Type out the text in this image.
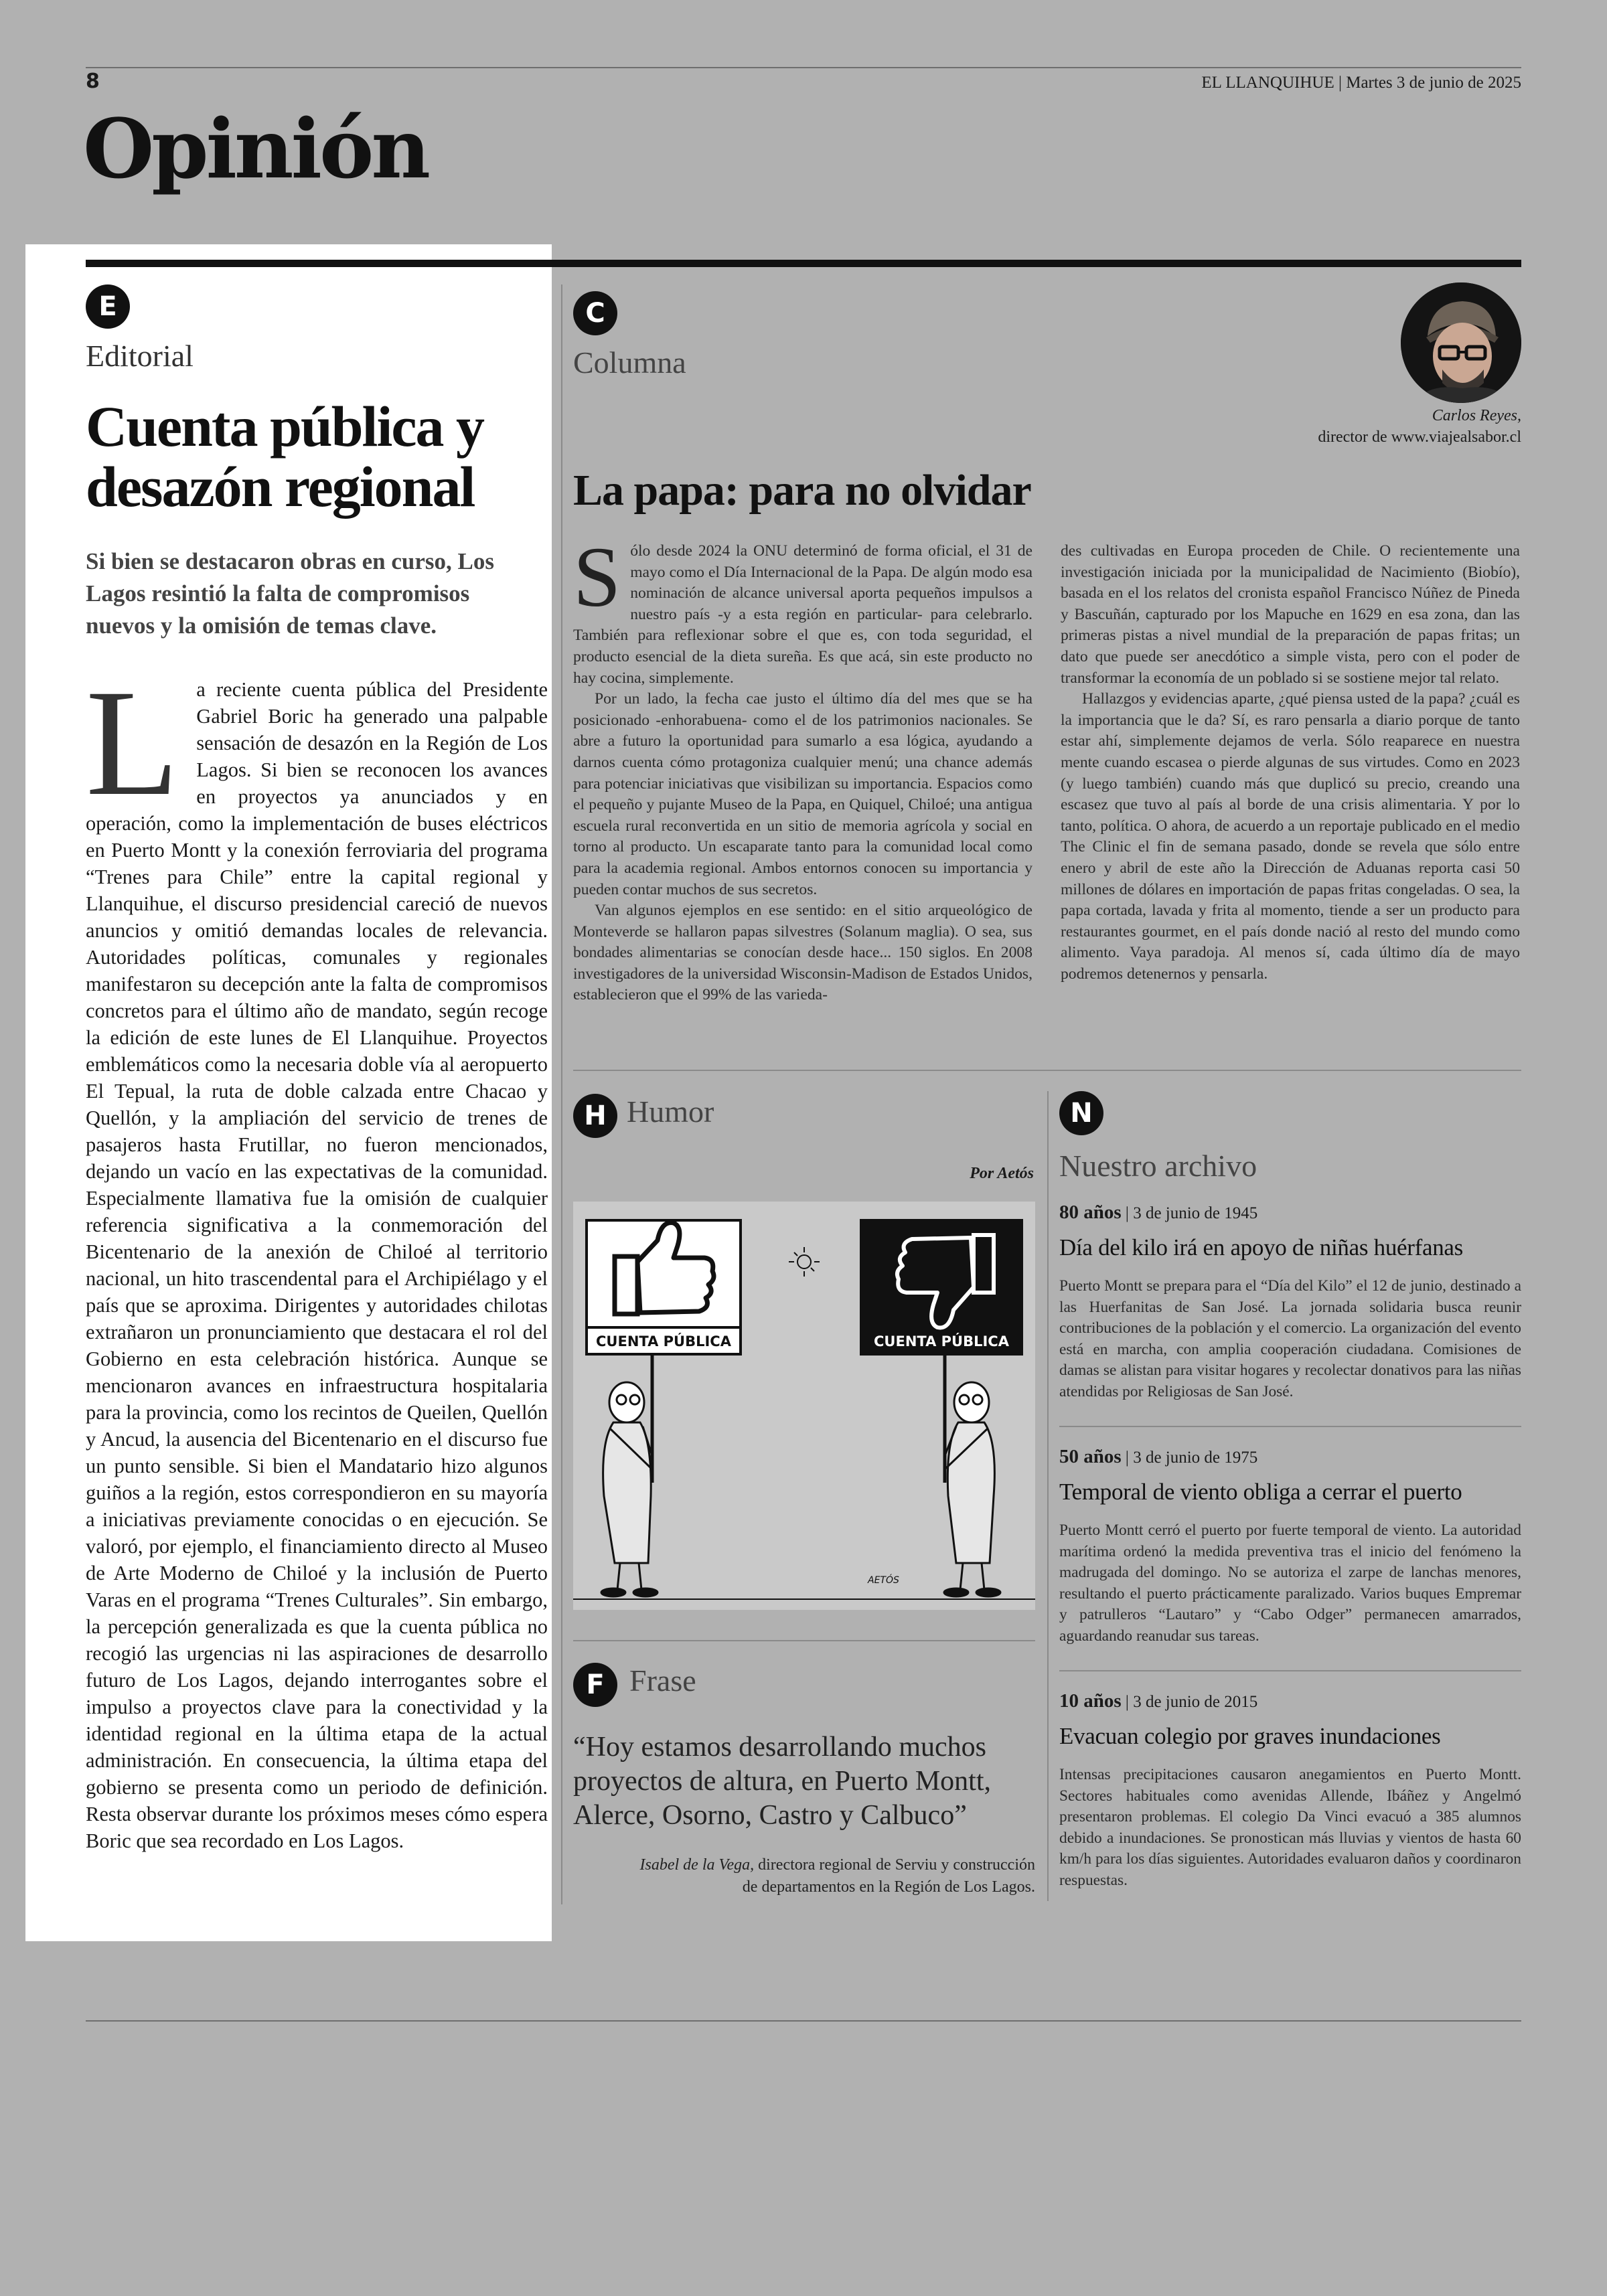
8	EL LLANQUIHUE | Martes 3 de junio de 2025
Opinión
E
Editorial
Cuenta pública y desazón regional
Si bien se destacaron obras en curso, Los Lagos resintió la falta de compromisos nuevos y la omisión de temas clave.
L a reciente cuenta pública del Presidente Gabriel Boric ha generado una palpable sensación de desazón en la Región de Los Lagos. Si bien se reconocen los avances en proyectos ya anunciados y en operación, como la implementación de buses eléctricos en Puerto Montt y la conexión ferroviaria del programa “Trenes para Chile” entre la capital regional y Llanquihue, el discurso presidencial careció de nuevos anuncios y omitió demandas locales de relevancia. Autoridades políticas, comunales y regionales manifestaron su decepción ante la falta de compromisos concretos para el último año de mandato, según recoge la edición de este lunes de El Llanquihue. Proyectos emblemáticos como la necesaria doble vía al aeropuerto El Tepual, la ruta de doble calzada entre Chacao y Quellón, y la ampliación del servicio de trenes de pasajeros hasta Frutillar, no fueron mencionados, dejando un vacío en las expectativas de la comunidad. Especialmente llamativa fue la omisión de cualquier referencia significativa a la conmemoración del Bicentenario de la anexión de Chiloé al territorio nacional, un hito trascendental para el Archipiélago y el país que se aproxima. Dirigentes y autoridades chilotas extrañaron un pronunciamiento que destacara el rol del Gobierno en esta celebración histórica. Aunque se mencionaron avances en infraestructura hospitalaria para la provincia, como los recintos de Queilen, Quellón y Ancud, la ausencia del Bicentenario en el discurso fue un punto sensible. Si bien el Mandatario hizo algunos guiños a la región, estos correspondieron en su mayoría a iniciativas previamente conocidas o en ejecución. Se valoró, por ejemplo, el financiamiento directo al Museo de Arte Moderno de Chiloé y la inclusión de Puerto Varas en el programa “Trenes Culturales”. Sin embargo, la percepción generalizada es que la cuenta pública no recogió las urgencias ni las aspiraciones de desarrollo futuro de Los Lagos, dejando interrogantes sobre el impulso a proyectos clave para la conectividad y la identidad regional en la última etapa de la actual administración. En consecuencia, la última etapa del gobierno se presenta como un periodo de definición. Resta observar durante los próximos meses cómo espera Boric que sea recordado en Los Lagos.
C
Columna
Carlos Reyes,
director de www.viajealsabor.cl
La papa: para no olvidar

Sólo desde 2024 la ONU determinó de forma oficial, el 31 de mayo como el Día Internacional de la Papa. De algún modo esa nominación de alcance universal aporta pequeños impulsos a nuestro país -y a esta región en particular- para celebrarlo. También para reflexionar sobre el que es, con toda seguridad, el producto esencial de la dieta sureña. Es que acá, sin este producto no hay cocina, simplemente.

Por un lado, la fecha cae justo el último día del mes que se ha posicionado -enhorabuena- como el de los patrimonios nacionales. Se abre a futuro la oportunidad para sumarlo a esa lógica, ayudando a darnos cuenta cómo protagoniza cualquier menú; una chance además para potenciar iniciativas que visibilizan su importancia. Espacios como el pequeño y pujante Museo de la Papa, en Quiquel, Chiloé; una antigua escuela rural reconvertida en un sitio de memoria agrícola y social en torno al producto. Un escaparate tanto para la comunidad local como para la academia regional. Ambos entornos conocen su importancia y pueden contar muchos de sus secretos.

Van algunos ejemplos en ese sentido: en el sitio arqueológico de Monteverde se hallaron papas silvestres (Solanum maglia). O sea, sus bondades alimentarias se conocían desde hace... 150 siglos. En 2008 investigadores de la universidad Wisconsin-Madison de Estados Unidos, establecieron que el 99% de las varieda-

des cultivadas en Europa proceden de Chile. O recientemente una investigación iniciada por la municipalidad de Nacimiento (Biobío), basada en el los relatos del cronista español Francisco Núñez de Pineda y Bascuñán, capturado por los Mapuche en 1629 en esa zona, dan las primeras pistas a nivel mundial de la preparación de papas fritas; un dato que puede ser anecdótico a simple vista, pero con el poder de transformar la economía de un poblado si se sostiene mejor tal relato.

Hallazgos y evidencias aparte, ¿qué piensa usted de la papa? ¿cuál es la importancia que le da? Sí, es raro pensarla a diario porque de tanto estar ahí, simplemente dejamos de verla. Sólo reaparece en nuestra mente cuando escasea o pierde algunas de sus virtudes. Como en 2023 (y luego también) cuando más que duplicó su precio, creando una escasez que tuvo al país al borde de una crisis alimentaria. Y por lo tanto, política. O ahora, de acuerdo a un reportaje publicado en el medio The Clinic el fin de semana pasado, donde se revela que sólo entre enero y abril de este año la Dirección de Aduanas reporta casi 50 millones de dólares en importación de papas fritas congeladas. O sea, la papa cortada, lavada y frita al momento, tiende a ser un producto para restaurantes gourmet, en el país donde nació al resto del mundo como alimento. Vaya paradoja. Al menos sí, cada último día de mayo podremos detenernos y pensarla.

H Humor
Por Aetós
CUENTA PÚBLICA	CUENTA PÚBLICA
AETÓS
F Frase
“Hoy estamos desarrollando muchos proyectos de altura, en Puerto Montt, Alerce, Osorno, Castro y Calbuco”
Isabel de la Vega, directora regional de Serviu y construcción
de departamentos en la Región de Los Lagos.
N
Nuestro archivo
80 años | 3 de junio de 1945
Día del kilo irá en apoyo de niñas huérfanas
Puerto Montt se prepara para el “Día del Kilo” el 12 de junio, destinado a las Huerfanitas de San José. La jornada solidaria busca reunir contribuciones de la población y el comercio. La organización del evento está en marcha, con amplia cooperación ciudadana. Comisiones de damas se alistan para visitar hogares y recolectar donativos para las niñas atendidas por Religiosas de San José.
50 años | 3 de junio de 1975
Temporal de viento obliga a cerrar el puerto
Puerto Montt cerró el puerto por fuerte temporal de viento. La autoridad marítima ordenó la medida preventiva tras el inicio del fenómeno la madrugada del domingo. No se autoriza el zarpe de lanchas menores, resultando el puerto prácticamente paralizado. Varios buques Empremar y patrulleros “Lautaro” y “Cabo Odger” permanecen amarrados, aguardando reanudar sus tareas.
10 años | 3 de junio de 2015
Evacuan colegio por graves inundaciones
Intensas precipitaciones causaron anegamientos en Puerto Montt. Sectores habituales como avenidas Allende, Ibáñez y Angelmó presentaron problemas. El colegio Da Vinci evacuó a 385 alumnos debido a inundaciones. Se pronostican más lluvias y vientos de hasta 60 km/h para los días siguientes. Autoridades evaluaron daños y coordinaron respuestas.
